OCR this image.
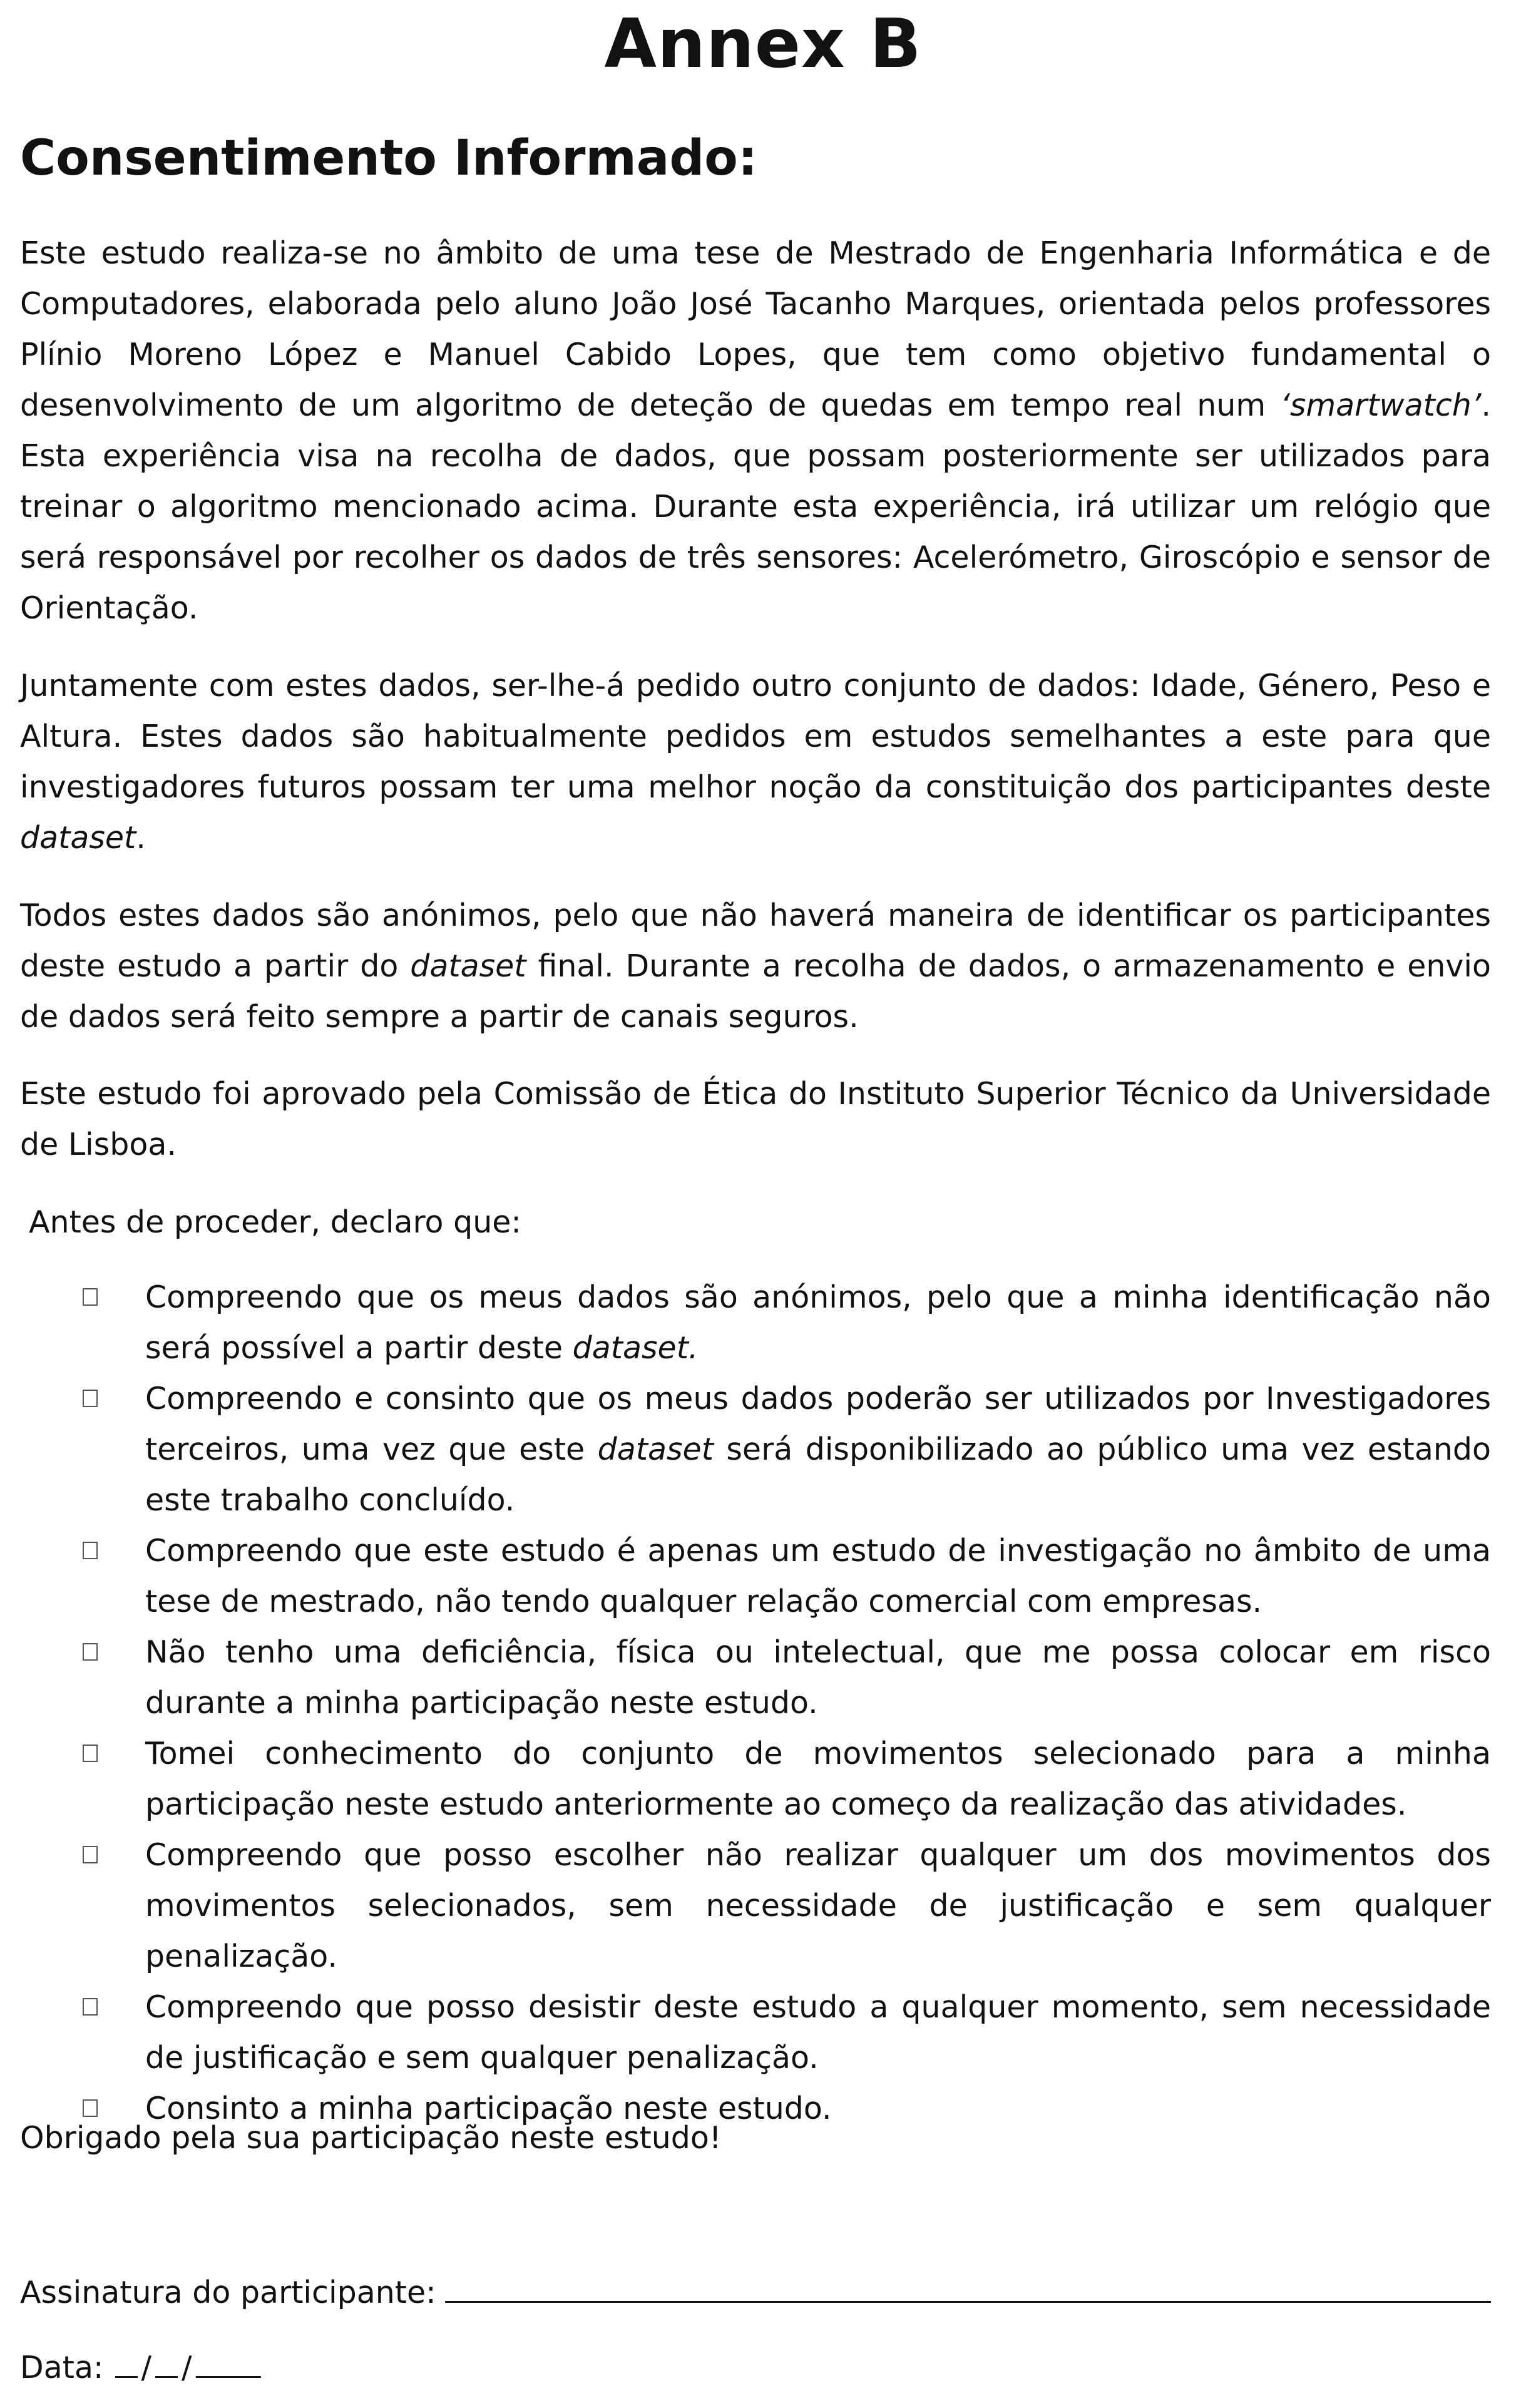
Annex B
Consentimento Informado:
Este estudo realiza-se no âmbito de uma tese de Mestrado de Engenharia Informática e de Computadores, elaborada pelo aluno João José Tacanho Marques, orientada pelos professores Plínio Moreno López e Manuel Cabido Lopes, que tem como objetivo fundamental o desenvolvimento de um algoritmo de deteção de quedas em tempo real num ‘smartwatch’. Esta experiência visa na recolha de dados, que possam posteriormente ser utilizados para treinar o algoritmo mencionado acima. Durante esta experiência, irá utilizar um relógio que será responsável por recolher os dados de três sensores: Acelerómetro, Giroscópio e sensor de Orientação.
Juntamente com estes dados, ser-lhe-á pedido outro conjunto de dados: Idade, Género, Peso e Altura. Estes dados são habitualmente pedidos em estudos semelhantes a este para que investigadores futuros possam ter uma melhor noção da constituição dos participantes deste dataset.
Todos estes dados são anónimos, pelo que não haverá maneira de identificar os participantes deste estudo a partir do dataset final. Durante a recolha de dados, o armazenamento e envio de dados será feito sempre a partir de canais seguros.
Este estudo foi aprovado pela Comissão de Ética do Instituto Superior Técnico da Universidade de Lisboa.
Antes de proceder, declaro que:
Compreendo que os meus dados são anónimos, pelo que a minha identificação não será possível a partir deste dataset.
Compreendo e consinto que os meus dados poderão ser utilizados por Investigadores terceiros, uma vez que este dataset será disponibilizado ao público uma vez estando este trabalho concluído.
Compreendo que este estudo é apenas um estudo de investigação no âmbito de uma tese de mestrado, não tendo qualquer relação comercial com empresas.
Não tenho uma deficiência, física ou intelectual, que me possa colocar em risco durante a minha participação neste estudo.
Tomei conhecimento do conjunto de movimentos selecionado para a minha participação neste estudo anteriormente ao começo da realização das atividades.
Compreendo que posso escolher não realizar qualquer um dos movimentos dos movimentos selecionados, sem necessidade de justificação e sem qualquer penalização.
Compreendo que posso desistir deste estudo a qualquer momento, sem necessidade de justificação e sem qualquer penalização.
Consinto a minha participação neste estudo.
Obrigado pela sua participação neste estudo!
Assinatura do participante:
Data: / /
